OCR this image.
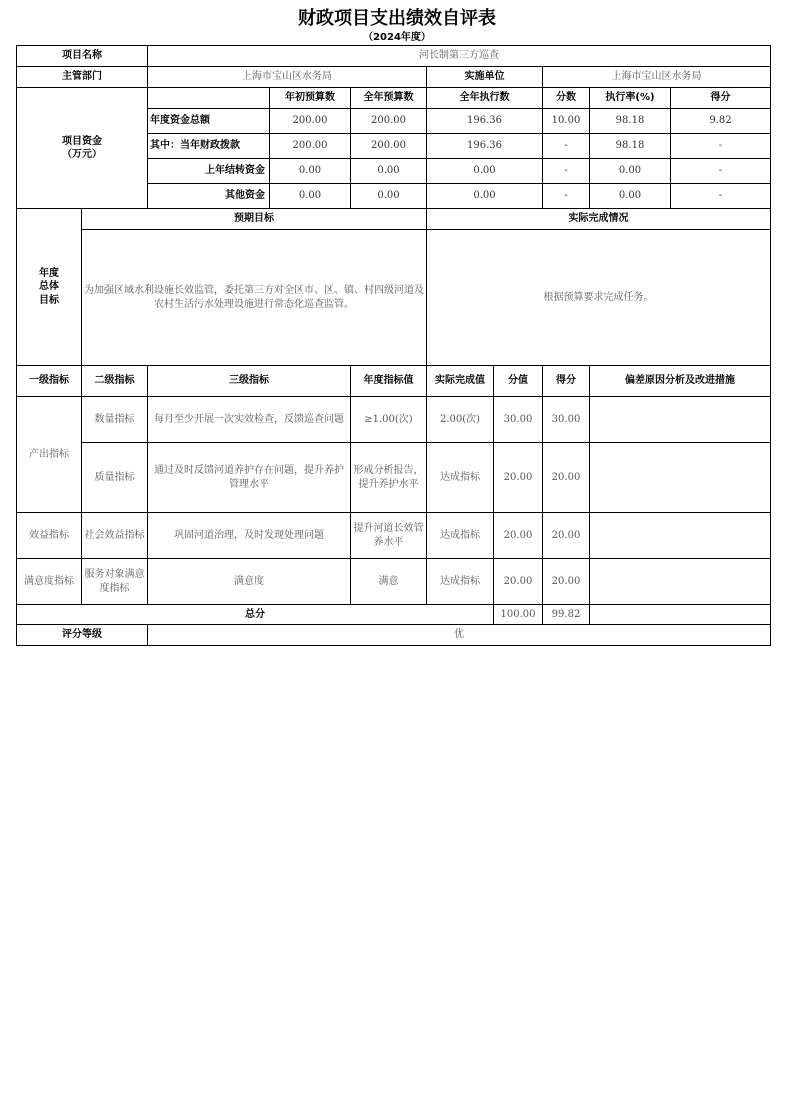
财政项目支出绩效自评表
（2024年度）
项目名称		河长制第三方巡查							
主管部门		上海市宝山区水务局			实施单位		上海市宝山区水务局		
项目资金
（万元）			年初预算数	全年预算数	全年执行数		分数	执行率(%)	得分
		年度资金总额	200.00	200.00	196.36		10.00	98.18	9.82
		其中：当年财政拨款	200.00	200.00	196.36		-	98.18	-
		上年结转资金	0.00	0.00	0.00		-	0.00	-
		其他资金	0.00	0.00	0.00		-	0.00	-
年度
总体
目标	预期目标				实际完成情况				
	为加强区域水利设施长效监管，委托第三方对全区市、区、镇、村四级河道及农村生活污水处理设施进行常态化巡查监管。				根据预算要求完成任务。				
一级指标	二级指标	三级指标		年度指标值	实际完成值	分值	得分	偏差原因分析及改进措施	
产出指标	数量指标	每月至少开展一次实效检查，反馈巡查问题		≥1.00(次)	2.00(次)	30.00	30.00		
	质量指标	通过及时反馈河道养护存在问题，提升养护管理水平		形成分析报告，提升养护水平	达成指标	20.00	20.00		
效益指标	社会效益指标	巩固河道治理，及时发现处理问题		提升河道长效管养水平	达成指标	20.00	20.00		
满意度指标	服务对象满意度指标	满意度		满意	达成指标	20.00	20.00		
总分						100.00	99.82		
评分等级		优							
